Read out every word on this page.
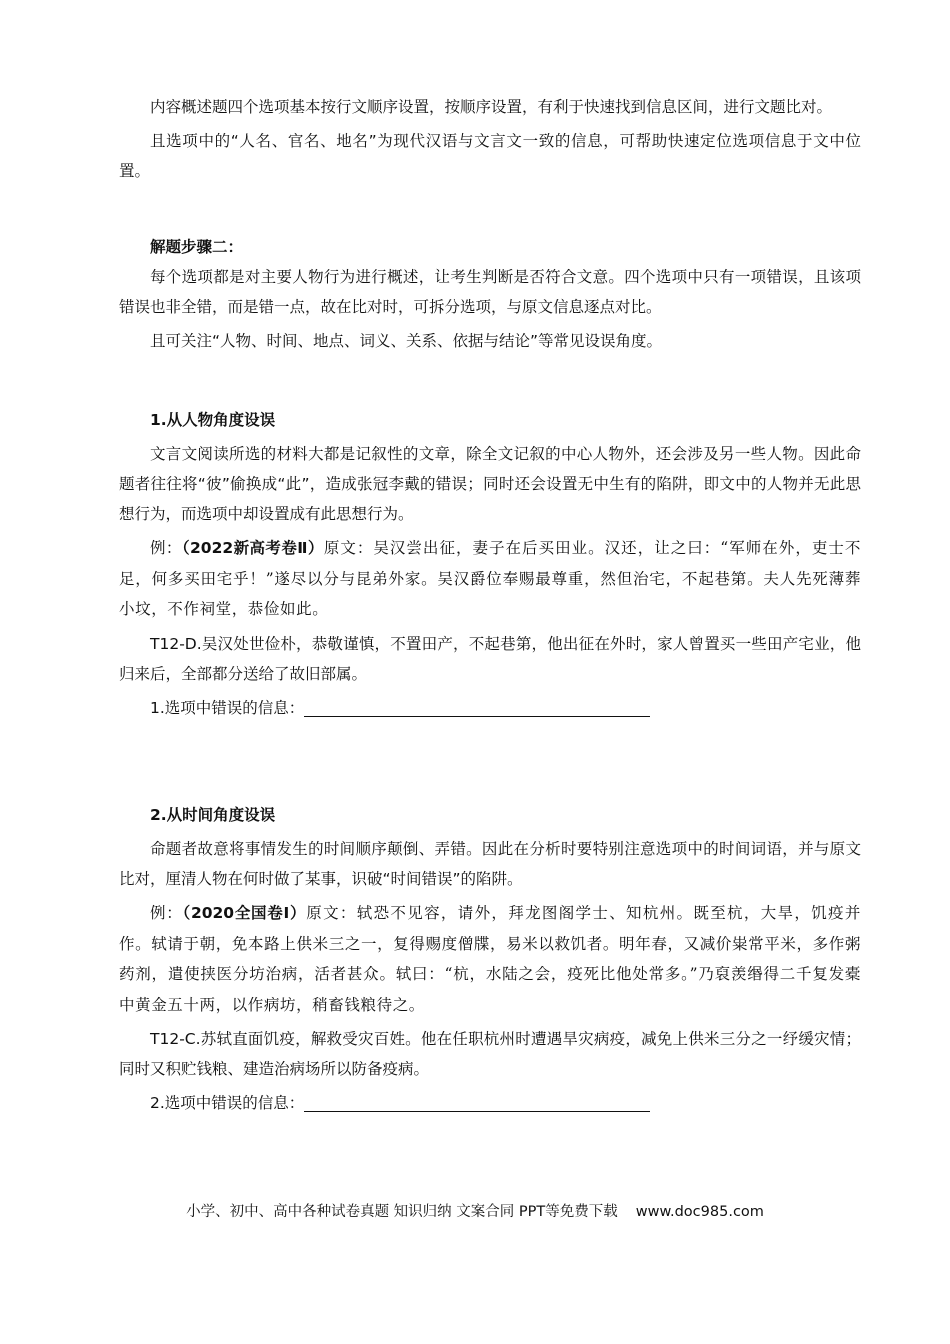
内容概述题四个选项基本按行文顺序设置，按顺序设置，有利于快速找到信息区间，进行文题比对。

且选项中的“人名、官名、地名”为现代汉语与文言文一致的信息，可帮助快速定位选项信息于文中位置。

解题步骤二：

每个选项都是对主要人物行为进行概述，让考生判断是否符合文意。四个选项中只有一项错误，且该项错误也非全错，而是错一点，故在比对时，可拆分选项，与原文信息逐点对比。

且可关注“人物、时间、地点、词义、关系、依据与结论”等常见设误角度。

1.从人物角度设误

文言文阅读所选的材料大都是记叙性的文章，除全文记叙的中心人物外，还会涉及另一些人物。因此命题者往往将“彼”偷换成“此”，造成张冠李戴的错误；同时还会设置无中生有的陷阱，即文中的人物并无此思想行为，而选项中却设置成有此思想行为。

例：（2022新高考卷Ⅱ）原文：吴汉尝出征，妻子在后买田业。汉还，让之曰：“军师在外，吏士不足，何多买田宅乎！”遂尽以分与昆弟外家。吴汉爵位奉赐最尊重，然但治宅，不起巷第。夫人先死薄葬小坟，不作祠堂，恭俭如此。

T12-D.吴汉处世俭朴，恭敬谨慎，不置田产，不起巷第，他出征在外时，家人曾置买一些田产宅业，他归来后，全部都分送给了故旧部属。

1.选项中错误的信息：

2.从时间角度设误

命题者故意将事情发生的时间顺序颠倒、弄错。因此在分析时要特别注意选项中的时间词语，并与原文比对，厘清人物在何时做了某事，识破“时间错误”的陷阱。

例：（2020全国卷Ⅰ）原文：轼恐不见容，请外，拜龙图阁学士、知杭州。既至杭，大旱，饥疫并作。轼请于朝，免本路上供米三之一，复得赐度僧牒，易米以救饥者。明年春，又减价粜常平米，多作粥药剂，遣使挟医分坊治病，活者甚众。轼曰：“杭，水陆之会，疫死比他处常多。”乃裒羡缗得二千复发橐中黄金五十两，以作病坊，稍畜钱粮待之。

T12-C.苏轼直面饥疫，解救受灾百姓。他在任职杭州时遭遇旱灾病疫，减免上供米三分之一纾缓灾情；同时又积贮钱粮、建造治病场所以防备疫病。

2.选项中错误的信息：

小学、初中、高中各种试卷真题 知识归纳 文案合同 PPT等免费下载 www.doc985.com
